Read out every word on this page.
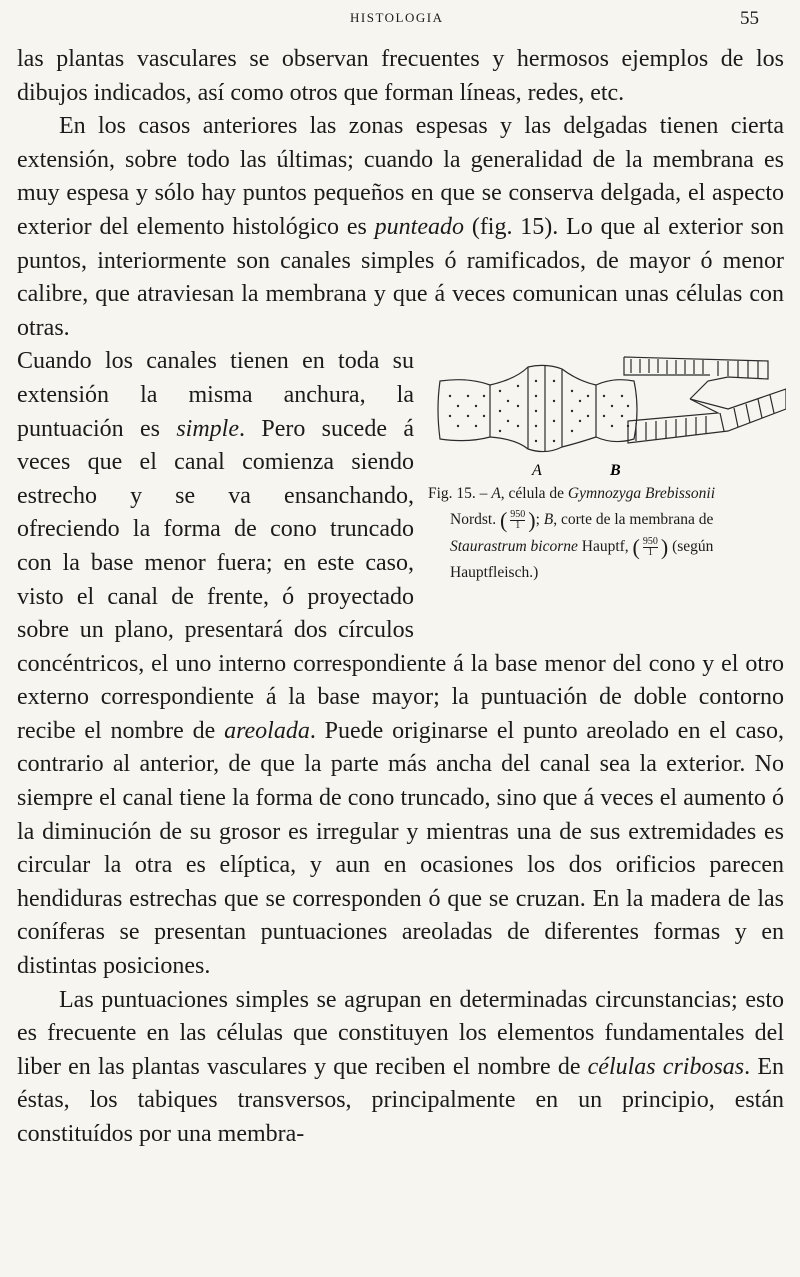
HISTOLOGIA	55

las plantas vasculares se observan frecuentes y hermosos ejemplos de los dibujos indicados, así como otros que forman líneas, redes, etc.

En los casos anteriores las zonas espesas y las delgadas tienen cierta extensión, sobre todo las últimas; cuando la generalidad de la membrana es muy espesa y sólo hay puntos pequeños en que se conserva delgada, el aspecto exterior del elemento histológico es punteado (fig. 15). Lo que al exterior son puntos, interiormente son canales simples ó ramificados, de mayor ó menor calibre, que atraviesan la membrana y que á veces comunican unas células con otras.

A	B
Fig. 15. – A, célula de Gymnozyga Brebissonii
Nordst. ( $\frac{950}{1}$ ); B, corte de la membrana de
Staurastrum bicorne Hauptf, ( $\frac{950}{1}$ ) (según
Hauptfleisch.)
Cuando los canales tienen en toda su extensión la misma anchura, la puntuación es simple. Pero sucede á veces que el canal comienza siendo estrecho y se va ensanchando, ofreciendo la forma de cono truncado con la base menor fuera; en este caso, visto el canal de frente, ó proyectado sobre un plano, presentará dos círculos concéntricos, el uno interno correspondiente á la base menor del cono y el otro externo correspondiente á la base mayor; la puntuación de doble contorno recibe el nombre de areolada. Puede originarse el punto areolado en el caso, contrario al anterior, de que la parte más ancha del canal sea la exterior. No siempre el canal tiene la forma de cono truncado, sino que á veces el aumento ó la diminución de su grosor es irregular y mientras una de sus extremidades es circular la otra es elíptica, y aun en ocasiones los dos orificios parecen hendiduras estrechas que se corresponden ó que se cruzan. En la madera de las coníferas se presentan puntuaciones areoladas de diferentes formas y en distintas posiciones.

Las puntuaciones simples se agrupan en determinadas circunstancias; esto es frecuente en las células que constituyen los elementos fundamentales del liber en las plantas vasculares y que reciben el nombre de células cribosas. En éstas, los tabiques transversos, principalmente en un principio, están constituídos por una membra-
